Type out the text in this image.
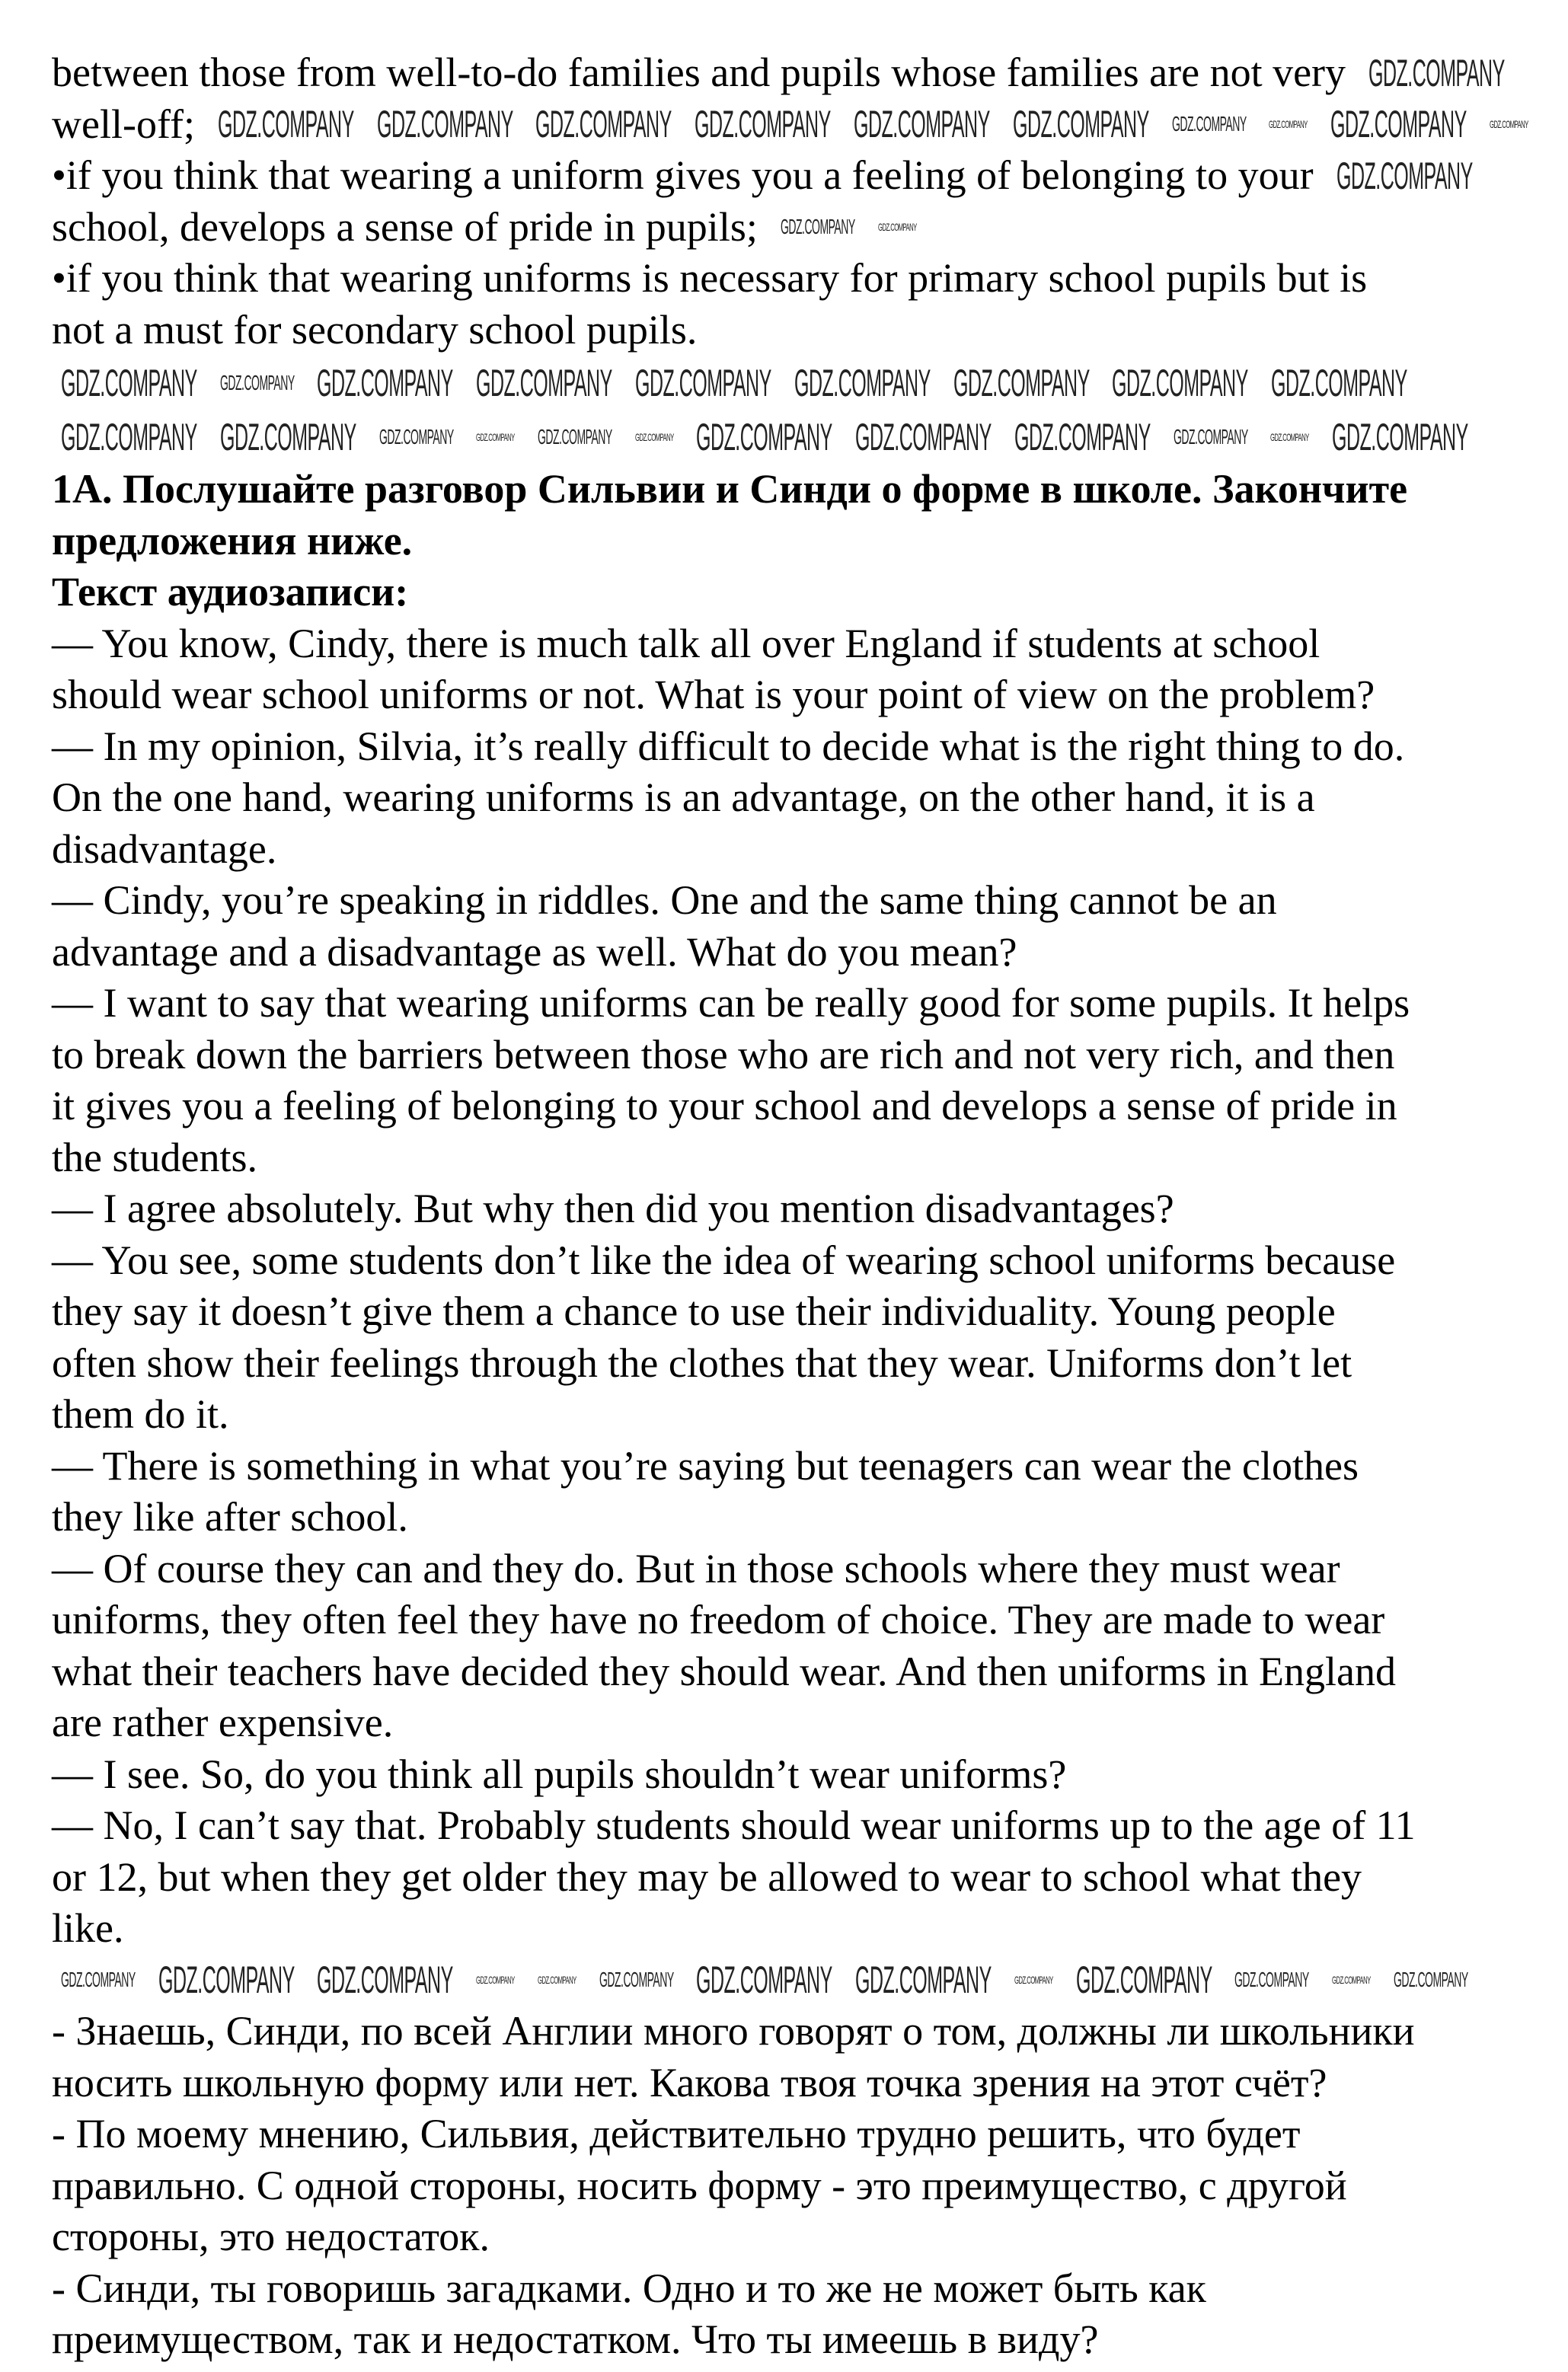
between those from well-to-do families and pupils whose families are not very
well-off;
•if you think that wearing a uniform gives you a feeling of belonging to your
school, develops a sense of pride in pupils;
•if you think that wearing uniforms is necessary for primary school pupils but is
not a must for secondary school pupils.
1A. Послушайте разговор Сильвии и Синди о форме в школе. Закончите
предложения ниже.
Текст аудиозаписи:
— You know, Cindy, there is much talk all over England if students at school
should wear school uniforms or not. What is your point of view on the problem?
— In my opinion, Silvia, it’s really difficult to decide what is the right thing to do.
On the one hand, wearing uniforms is an advantage, on the other hand, it is a
disadvantage.
— Cindy, you’re speaking in riddles. One and the same thing cannot be an
advantage and a disadvantage as well. What do you mean?
— I want to say that wearing uniforms can be really good for some pupils. It helps
to break down the barriers between those who are rich and not very rich, and then
it gives you a feeling of belonging to your school and develops a sense of pride in
the students.
— I agree absolutely. But why then did you mention disadvantages?
— You see, some students don’t like the idea of wearing school uniforms because
they say it doesn’t give them a chance to use their individuality. Young people
often show their feelings through the clothes that they wear. Uniforms don’t let
them do it.
— There is something in what you’re saying but teenagers can wear the clothes
they like after school.
— Of course they can and they do. But in those schools where they must wear
uniforms, they often feel they have no freedom of choice. They are made to wear
what their teachers have decided they should wear. And then uniforms in England
are rather expensive.
— I see. So, do you think all pupils shouldn’t wear uniforms?
— No, I can’t say that. Probably students should wear uniforms up to the age of 11
or 12, but when they get older they may be allowed to wear to school what they
like.
- Знаешь, Синди, по всей Англии много говорят о том, должны ли школьники
носить школьную форму или нет. Какова твоя точка зрения на этот счёт?
- По моему мнению, Сильвия, действительно трудно решить, что будет
правильно. С одной стороны, носить форму - это преимущество, с другой
стороны, это недостаток.
- Синди, ты говоришь загадками. Одно и то же не может быть как
преимуществом, так и недостатком. Что ты имеешь в виду?
GDZ.COMPANY GDZ.COMPANY GDZ.COMPANY GDZ.COMPANY GDZ.COMPANY GDZ.COMPANY GDZ.COMPANY GDZ.COMPANY GDZ.COMPANY
GDZ.COMPANY GDZ.COMPANY GDZ.COMPANY GDZ.COMPANY GDZ.COMPANY GDZ.COMPANY GDZ.COMPANY GDZ.COMPANY GDZ.COMPANY GDZ.COMPANY GDZ.COMPANY GDZ.COMPANY
GDZ.COMPANY GDZ.COMPANY GDZ.COMPANY GDZ.COMPANY GDZ.COMPANY GDZ.COMPANY GDZ.COMPANY GDZ.COMPANY GDZ.COMPANY GDZ.COMPANY GDZ.COMPANY GDZ.COMPANY GDZ.COMPANY
GDZ.COMPANY
GDZ.COMPANY GDZ.COMPANY GDZ.COMPANY GDZ.COMPANY GDZ.COMPANY GDZ.COMPANY GDZ.COMPANY GDZ.COMPANY GDZ.COMPANY GDZ.COMPANY
GDZ.COMPANY
GDZ.COMPANY GDZ.COMPANY
